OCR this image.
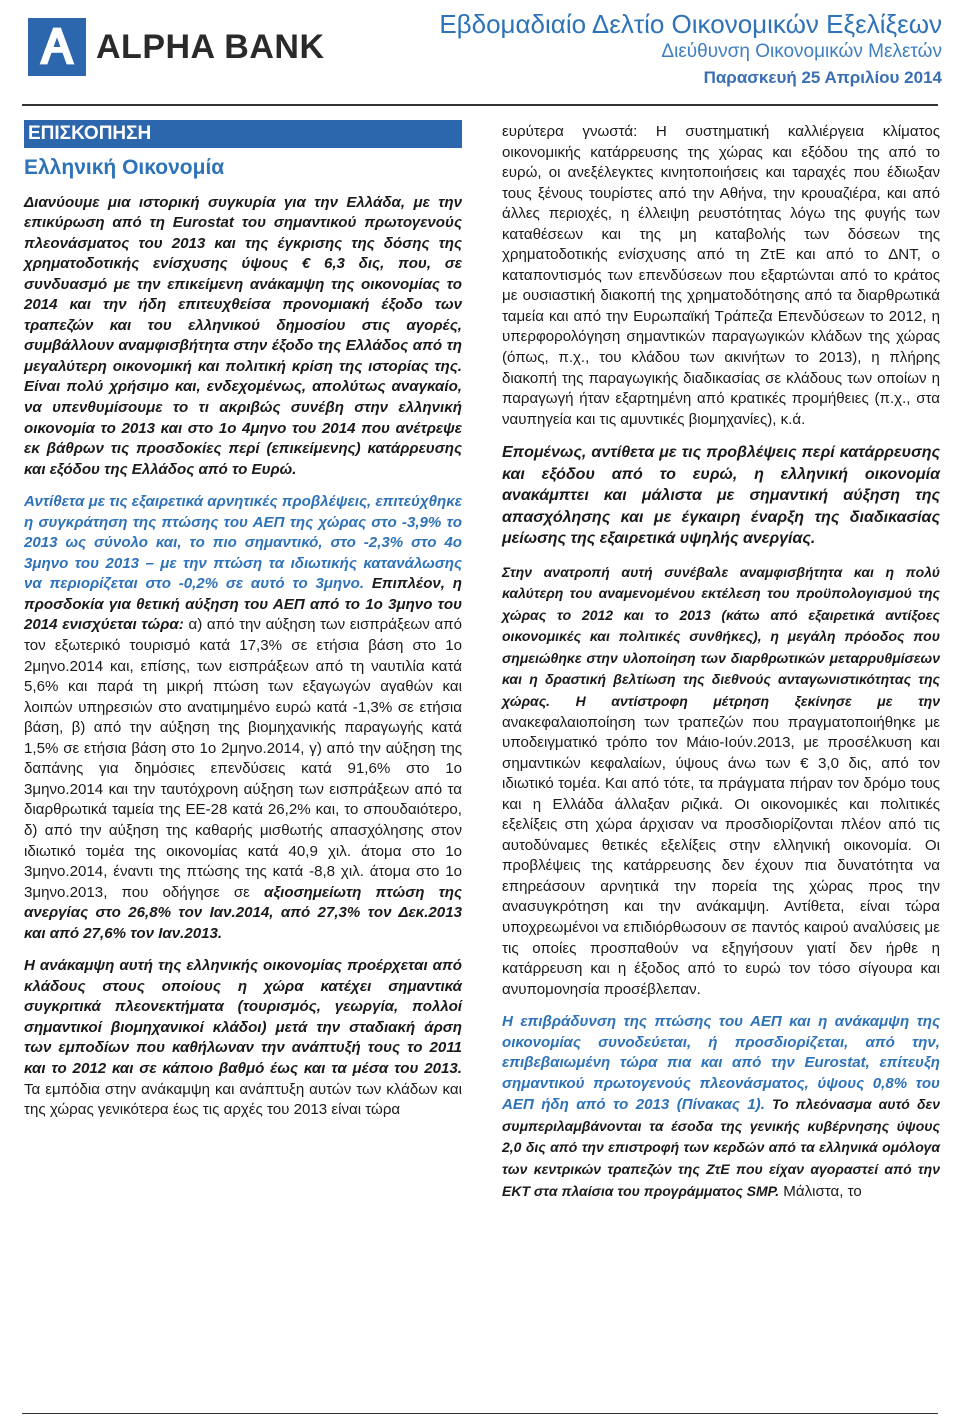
ALPHA BANK
Εβδομαδιαίο Δελτίο Οικονομικών Εξελίξεων
Διεύθυνση Οικονομικών Μελετών
Παρασκευή 25 Απριλίου 2014
ΕΠΙΣΚΟΠΗΣΗ
Ελληνική Οικονομία

Διανύουμε μια ιστορική συγκυρία για την Ελλάδα, με την επικύρωση από τη Eurostat του σημαντικού πρωτογενούς πλεονάσματος του 2013 και της έγκρισης της δόσης της χρηματοδοτικής ενίσχυσης ύψους € 6,3 δις, που, σε συνδυασμό με την επικείμενη ανάκαμψη της οικονομίας το 2014 και την ήδη επιτευχθείσα προνομιακή έξοδο των τραπεζών και του ελληνικού δημοσίου στις αγορές, συμβάλλουν αναμφισβήτητα στην έξοδο της Ελλάδος από τη μεγαλύτερη οικονομική και πολιτική κρίση της ιστορίας της. Είναι πολύ χρήσιμο και, ενδεχομένως, απολύτως αναγκαίο, να υπενθυμίσουμε το τι ακριβώς συνέβη στην ελληνική οικονομία το 2013 και στο 1ο 4μηνο του 2014 που ανέτρεψε εκ βάθρων τις προσδοκίες περί (επικείμενης) κατάρρευσης και εξόδου της Ελλάδος από το Ευρώ.

Αντίθετα με τις εξαιρετικά αρνητικές προβλέψεις, επιτεύχθηκε η συγκράτηση της πτώσης του ΑΕΠ της χώρας στο -3,9% το 2013 ως σύνολο και, το πιο σημαντικό, στο -2,3% στο 4ο 3μηνο του 2013 – με την πτώση τα ιδιωτικής κατανάλωσης να περιορίζεται στο -0,2% σε αυτό το 3μηνο. Επιπλέον, η προσδοκία για θετική αύξηση του ΑΕΠ από το 1ο 3μηνο του 2014 ενισχύεται τώρα: α) από την αύξηση των εισπράξεων από τον εξωτερικό τουρισμό κατά 17,3% σε ετήσια βάση στο 1ο 2μηνο.2014 και, επίσης, των εισπράξεων από τη ναυτιλία κατά 5,6% και παρά τη μικρή πτώση των εξαγωγών αγαθών και λοιπών υπηρεσιών στο ανατιμημένο ευρώ κατά -1,3% σε ετήσια βάση, β) από την αύξηση της βιομηχανικής παραγωγής κατά 1,5% σε ετήσια βάση στο 1ο 2μηνο.2014, γ) από την αύξηση της δαπάνης για δημόσιες επενδύσεις κατά 91,6% στο 1ο 3μηνο.2014 και την ταυτόχρονη αύξηση των εισπράξεων από τα διαρθρωτικά ταμεία της ΕΕ-28 κατά 26,2% και, το σπουδαιότερο, δ) από την αύξηση της καθαρής μισθωτής απασχόλησης στον ιδιωτικό τομέα της οικονομίας κατά 40,9 χιλ. άτομα στο 1ο 3μηνο.2014, έναντι της πτώσης της κατά -8,8 χιλ. άτομα στο 1ο 3μηνο.2013, που οδήγησε σε αξιοσημείωτη πτώση της ανεργίας στο 26,8% τον Ιαν.2014, από 27,3% τον Δεκ.2013 και από 27,6% τον Ιαν.2013.

Η ανάκαμψη αυτή της ελληνικής οικονομίας προέρχεται από κλάδους στους οποίους η χώρα κατέχει σημαντικά συγκριτικά πλεονεκτήματα (τουρισμός, γεωργία, πολλοί σημαντικοί βιομηχανικοί κλάδοι) μετά την σταδιακή άρση των εμποδίων που καθήλωναν την ανάπτυξή τους το 2011 και το 2012 και σε κάποιο βαθμό έως και τα μέσα του 2013. Τα εμπόδια στην ανάκαμψη και ανάπτυξη αυτών των κλάδων και της χώρας γενικότερα έως τις αρχές του 2013 είναι τώρα

ευρύτερα γνωστά: Η συστηματική καλλιέργεια κλίματος οικονομικής κατάρρευσης της χώρας και εξόδου της από το ευρώ, οι ανεξέλεγκτες κινητοποιήσεις και ταραχές που έδιωξαν τους ξένους τουρίστες από την Αθήνα, την κρουαζιέρα, και από άλλες περιοχές, η έλλειψη ρευστότητας λόγω της φυγής των καταθέσεων και της μη καταβολής των δόσεων της χρηματοδοτικής ενίσχυσης από τη ΖτΕ και από το ΔΝΤ, ο καταποντισμός των επενδύσεων που εξαρτώνται από το κράτος με ουσιαστική διακοπή της χρηματοδότησης από τα διαρθρωτικά ταμεία και από την Ευρωπαϊκή Τράπεζα Επενδύσεων το 2012, η υπερφορολόγηση σημαντικών παραγωγικών κλάδων της χώρας (όπως, π.χ., του κλάδου των ακινήτων το 2013), η πλήρης διακοπή της παραγωγικής διαδικασίας σε κλάδους των οποίων η παραγωγή ήταν εξαρτημένη από κρατικές προμήθειες (π.χ., στα ναυπηγεία και τις αμυντικές βιομηχανίες), κ.ά.

Επομένως, αντίθετα με τις προβλέψεις περί κατάρρευσης και εξόδου από το ευρώ, η ελληνική οικονομία ανακάμπτει και μάλιστα με σημαντική αύξηση της απασχόλησης και με έγκαιρη έναρξη της διαδικασίας μείωσης της εξαιρετικά υψηλής ανεργίας.

Στην ανατροπή αυτή συνέβαλε αναμφισβήτητα και η πολύ καλύτερη του αναμενομένου εκτέλεση του προϋπολογισμού της χώρας το 2012 και το 2013 (κάτω από εξαιρετικά αντίξοες οικονομικές και πολιτικές συνθήκες), η μεγάλη πρόοδος που σημειώθηκε στην υλοποίηση των διαρθρωτικών μεταρρυθμίσεων και η δραστική βελτίωση της διεθνούς ανταγωνιστικότητας της χώρας. Η αντίστροφη μέτρηση ξεκίνησε με την ανακεφαλαιοποίηση των τραπεζών που πραγματοποιήθηκε με υποδειγματικό τρόπο τον Μάιο-Ιούν.2013, με προσέλκυση και σημαντικών κεφαλαίων, ύψους άνω των € 3,0 δις, από τον ιδιωτικό τομέα. Και από τότε, τα πράγματα πήραν τον δρόμο τους και η Ελλάδα άλλαξαν ριζικά. Οι οικονομικές και πολιτικές εξελίξεις στη χώρα άρχισαν να προσδιορίζονται πλέον από τις αυτοδύναμες θετικές εξελίξεις στην ελληνική οικονομία. Οι προβλέψεις της κατάρρευσης δεν έχουν πια δυνατότητα να επηρεάσουν αρνητικά την πορεία της χώρας προς την ανασυγκρότηση και την ανάκαμψη. Αντίθετα, είναι τώρα υποχρεωμένοι να επιδιόρθωσουν σε παντός καιρού αναλύσεις με τις οποίες προσπαθούν να εξηγήσουν γιατί δεν ήρθε η κατάρρευση και η έξοδος από το ευρώ τον τόσο σίγουρα και ανυπομονησία προσέβλεπαν.

Η επιβράδυνση της πτώσης του ΑΕΠ και η ανάκαμψη της οικονομίας συνοδεύεται, ή προσδιορίζεται, από την, επιβεβαιωμένη τώρα πια και από την Eurostat, επίτευξη σημαντικού πρωτογενούς πλεονάσματος, ύψους 0,8% του ΑΕΠ ήδη από το 2013 (Πίνακας 1). Το πλεόνασμα αυτό δεν συμπεριλαμβάνονται τα έσοδα της γενικής κυβέρνησης ύψους 2,0 δις από την επιστροφή των κερδών από τα ελληνικά ομόλογα των κεντρικών τραπεζών της ΖτΕ που είχαν αγοραστεί από την ΕΚΤ στα πλαίσια του προγράμματος SMP. Μάλιστα, το
